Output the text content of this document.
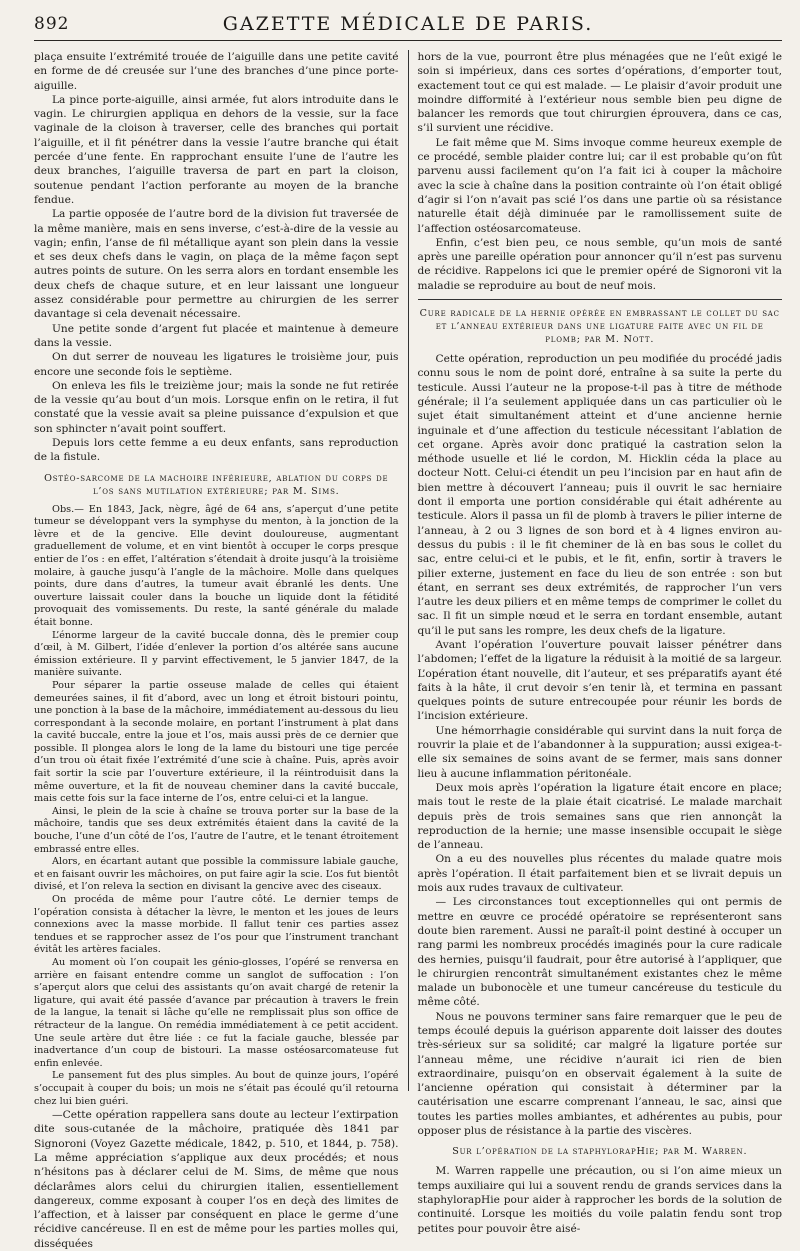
892	GAZETTE MÉDICALE DE PARIS.

plaça ensuite l’extrémité trouée de l’aiguille dans une petite cavité en forme de dé creusée sur l’une des branches d’une pince porte-aiguille.

La pince porte-aiguille, ainsi armée, fut alors introduite dans le vagin. Le chirurgien appliqua en dehors de la vessie, sur la face vaginale de la cloison à traverser, celle des branches qui portait l’aiguille, et il fit pénétrer dans la vessie l’autre branche qui était percée d’une fente. En rapprochant ensuite l’une de l’autre les deux branches, l’aiguille traversa de part en part la cloison, soutenue pendant l’action perforante au moyen de la branche fendue.

La partie opposée de l’autre bord de la division fut traversée de la même manière, mais en sens inverse, c’est-à-dire de la vessie au vagin; enfin, l’anse de fil métallique ayant son plein dans la vessie et ses deux chefs dans le vagin, on plaça de la même façon sept autres points de suture. On les serra alors en tordant ensemble les deux chefs de chaque suture, et en leur laissant une longueur assez considérable pour permettre au chirurgien de les serrer davantage si cela devenait nécessaire.

Une petite sonde d’argent fut placée et maintenue à demeure dans la vessie.

On dut serrer de nouveau les ligatures le troisième jour, puis encore une seconde fois le septième.

On enleva les fils le treizième jour; mais la sonde ne fut retirée de la vessie qu’au bout d’un mois. Lorsque enfin on le retira, il fut constaté que la vessie avait sa pleine puissance d’expulsion et que son sphincter n’avait point souffert.

Depuis lors cette femme a eu deux enfants, sans reproduction de la fistule.

Ostéo-sarcome de la machoire inférieure, ablation du corps de l’os sans mutilation extérieure; par M. Sims.

Obs.— En 1843, Jack, nègre, âgé de 64 ans, s’aperçut d’une petite tumeur se développant vers la symphyse du menton, à la jonction de la lèvre et de la gencive. Elle devint douloureuse, augmentant graduellement de volume, et en vint bientôt à occuper le corps presque entier de l’os : en effet, l’altération s’étendait à droite jusqu’à la troisième molaire, à gauche jusqu’à l’angle de la mâchoire. Molle dans quelques points, dure dans d’autres, la tumeur avait ébranlé les dents. Une ouverture laissait couler dans la bouche un liquide dont la fétidité provoquait des vomissements. Du reste, la santé générale du malade était bonne.

L’énorme largeur de la cavité buccale donna, dès le premier coup d’œil, à M. Gilbert, l’idée d’enlever la portion d’os altérée sans aucune émission extérieure. Il y parvint effectivement, le 5 janvier 1847, de la manière suivante.

Pour séparer la partie osseuse malade de celles qui étaient demeurées saines, il fit d’abord, avec un long et étroit bistouri pointu, une ponction à la base de la mâchoire, immédiatement au-dessous du lieu correspondant à la seconde molaire, en portant l’instrument à plat dans la cavité buccale, entre la joue et l’os, mais aussi près de ce dernier que possible. Il plongea alors le long de la lame du bistouri une tige percée d’un trou où était fixée l’extrémité d’une scie à chaîne. Puis, après avoir fait sortir la scie par l’ouverture extérieure, il la réintroduisit dans la même ouverture, et la fit de nouveau cheminer dans la cavité buccale, mais cette fois sur la face interne de l’os, entre celui-ci et la langue.

Ainsi, le plein de la scie à chaîne se trouva porter sur la base de la mâchoire, tandis que ses deux extrémités étaient dans la cavité de la bouche, l’une d’un côté de l’os, l’autre de l’autre, et le tenant étroitement embrassé entre elles.

Alors, en écartant autant que possible la commissure labiale gauche, et en faisant ouvrir les mâchoires, on put faire agir la scie. L’os fut bientôt divisé, et l’on releva la section en divisant la gencive avec des ciseaux.

On procéda de même pour l’autre côté. Le dernier temps de l’opération consista à détacher la lèvre, le menton et les joues de leurs connexions avec la masse morbide. Il fallut tenir ces parties assez tendues et se rapprocher assez de l’os pour que l’instrument tranchant évitât les artères faciales.

Au moment où l’on coupait les génio-glosses, l’opéré se renversa en arrière en faisant entendre comme un sanglot de suffocation : l’on s’aperçut alors que celui des assistants qu’on avait chargé de retenir la ligature, qui avait été passée d’avance par précaution à travers le frein de la langue, la tenait si lâche qu’elle ne remplissait plus son office de rétracteur de la langue. On remédia immédiatement à ce petit accident. Une seule artère dut être liée : ce fut la faciale gauche, blessée par inadvertance d’un coup de bistouri. La masse ostéosarcomateuse fut enfin enlevée.

Le pansement fut des plus simples. Au bout de quinze jours, l’opéré s’occupait à couper du bois; un mois ne s’était pas écoulé qu’il retourna chez lui bien guéri.

—Cette opération rappellera sans doute au lecteur l’extirpation dite sous-cutanée de la mâchoire, pratiquée dès 1841 par Signoroni (Voyez Gazette médicale, 1842, p. 510, et 1844, p. 758). La même appréciation s’applique aux deux procédés; et nous n’hésitons pas à déclarer celui de M. Sims, de même que nous déclarâmes alors celui du chirurgien italien, essentiellement dangereux, comme exposant à couper l’os en deçà des limites de l’affection, et à laisser par conséquent en place le germe d’une récidive cancéreuse. Il en est de même pour les parties molles qui, disséquées

hors de la vue, pourront être plus ménagées que ne l’eût exigé le soin si impérieux, dans ces sortes d’opérations, d’emporter tout, exactement tout ce qui est malade. — Le plaisir d’avoir produit une moindre difformité à l’extérieur nous semble bien peu digne de balancer les remords que tout chirurgien éprouvera, dans ce cas, s’il survient une récidive.

Le fait même que M. Sims invoque comme heureux exemple de ce procédé, semble plaider contre lui; car il est probable qu’on fût parvenu aussi facilement qu’on l’a fait ici à couper la mâchoire avec la scie à chaîne dans la position contrainte où l’on était obligé d’agir si l’on n’avait pas scié l’os dans une partie où sa résistance naturelle était déjà diminuée par le ramollissement suite de l’affection ostéosarcomateuse.

Enfin, c’est bien peu, ce nous semble, qu’un mois de santé après une pareille opération pour annoncer qu’il n’est pas survenu de récidive. Rappelons ici que le premier opéré de Signoroni vit la maladie se reproduire au bout de neuf mois.

Cure radicale de la hernie opérée en embrassant le collet du sac et l’anneau extérieur dans une ligature faite avec un fil de plomb; par M. Nott.

Cette opération, reproduction un peu modifiée du procédé jadis connu sous le nom de point doré, entraîne à sa suite la perte du testicule. Aussi l’auteur ne la propose-t-il pas à titre de méthode générale; il l’a seulement appliquée dans un cas particulier où le sujet était simultanément atteint et d’une ancienne hernie inguinale et d’une affection du testicule nécessitant l’ablation de cet organe. Après avoir donc pratiqué la castration selon la méthode usuelle et lié le cordon, M. Hicklin céda la place au docteur Nott. Celui-ci étendit un peu l’incision par en haut afin de bien mettre à découvert l’anneau; puis il ouvrit le sac herniaire dont il emporta une portion considérable qui était adhérente au testicule. Alors il passa un fil de plomb à travers le pilier interne de l’anneau, à 2 ou 3 lignes de son bord et à 4 lignes environ au-dessus du pubis : il le fit cheminer de là en bas sous le collet du sac, entre celui-ci et le pubis, et le fit, enfin, sortir à travers le pilier externe, justement en face du lieu de son entrée : son but étant, en serrant ses deux extrémités, de rapprocher l’un vers l’autre les deux piliers et en même temps de comprimer le collet du sac. Il fit un simple nœud et le serra en tordant ensemble, autant qu’il le put sans les rompre, les deux chefs de la ligature.

Avant l’opération l’ouverture pouvait laisser pénétrer dans l’abdomen; l’effet de la ligature la réduisit à la moitié de sa largeur. L’opération étant nouvelle, dit l’auteur, et ses préparatifs ayant été faits à la hâte, il crut devoir s’en tenir là, et termina en passant quelques points de suture entrecoupée pour réunir les bords de l’incision extérieure.

Une hémorrhagie considérable qui survint dans la nuit força de rouvrir la plaie et de l’abandonner à la suppuration; aussi exigea-t-elle six semaines de soins avant de se fermer, mais sans donner lieu à aucune inflammation péritonéale.

Deux mois après l’opération la ligature était encore en place; mais tout le reste de la plaie était cicatrisé. Le malade marchait depuis près de trois semaines sans que rien annonçât la reproduction de la hernie; une masse insensible occupait le siège de l’anneau.

On a eu des nouvelles plus récentes du malade quatre mois après l’opération. Il était parfaitement bien et se livrait depuis un mois aux rudes travaux de cultivateur.

— Les circonstances tout exceptionnelles qui ont permis de mettre en œuvre ce procédé opératoire se représenteront sans doute bien rarement. Aussi ne paraît-il point destiné à occuper un rang parmi les nombreux procédés imaginés pour la cure radicale des hernies, puisqu’il faudrait, pour être autorisé à l’appliquer, que le chirurgien rencontrât simultanément existantes chez le même malade un bubonocèle et une tumeur cancéreuse du testicule du même côté.

Nous ne pouvons terminer sans faire remarquer que le peu de temps écoulé depuis la guérison apparente doit laisser des doutes très-sérieux sur sa solidité; car malgré la ligature portée sur l’anneau même, une récidive n’aurait ici rien de bien extraordinaire, puisqu’on en observait également à la suite de l’ancienne opération qui consistait à déterminer par la cautérisation une escarre comprenant l’anneau, le sac, ainsi que toutes les parties molles ambiantes, et adhérentes au pubis, pour opposer plus de résistance à la partie des viscères.

Sur l’opération de la staphylorapHie; par M. Warren.

M. Warren rappelle une précaution, ou si l’on aime mieux un temps auxiliaire qui lui a souvent rendu de grands services dans la staphylorapHie pour aider à rapprocher les bords de la solution de continuité. Lorsque les moitiés du voile palatin fendu sont trop petites pour pouvoir être aisé-
